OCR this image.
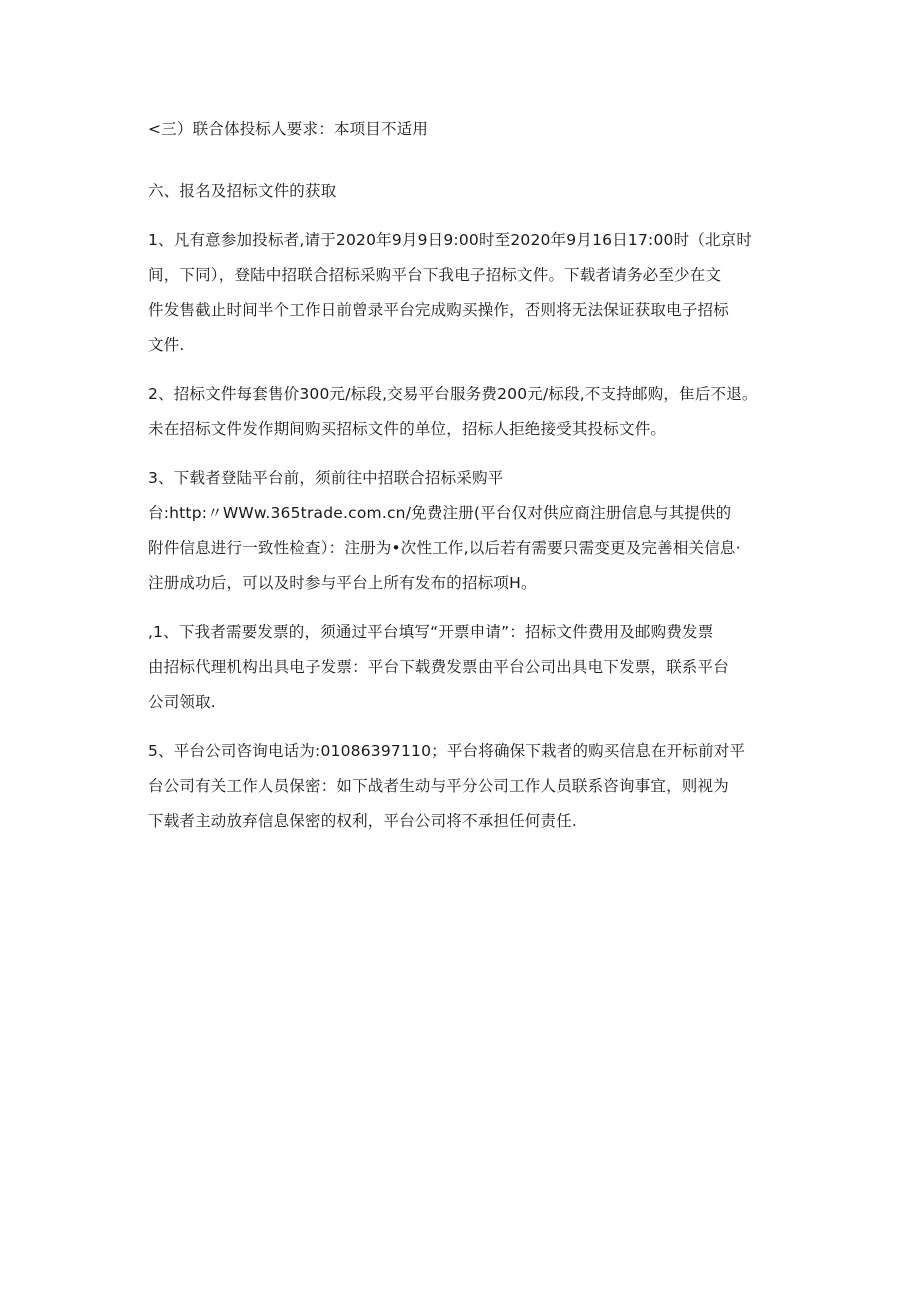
<三）联合体投标人要求：本项目不适用

六、报名及招标文件的获取

1、凡有意参加投标者,请于2020年9月9日9:00时至2020年9月16日17:00时（北京时
间，下同），登陆中招联合招标采购平台下我电子招标文件。下载者请务必至少在文
件发售截止时间半个工作日前曾录平台完成购买操作，否则将无法保证获取电子招标
文件.

2、招标文件每套售价300元/标段,交易平台服务费200元/标段,不支持邮购，隹后不退。
未在招标文件发作期间购买招标文件的单位，招标人拒绝接受其投标文件。

3、下载者登陆平台前，须前往中招联合招标采购平
台:http:〃WWw.365trade.com.cn/免费注册(平台仅对供应商注册信息与其提供的
附件信息进行一致性检查）：注册为•次性工作,以后若有需要只需变更及完善相关信息·
注册成功后，可以及时参与平台上所有发布的招标项H。

,1、下我者需要发票的，须通过平台填写“开票申请”：招标文件费用及邮购费发票
由招标代理机构出具电子发票：平台下载费发票由平台公司出具电下发票，联系平台
公司领取.

5、平台公司咨询电话为:01086397110；平台将确保下栽者的购买信息在开标前对平
台公司有关工作人员保密：如下战者生动与平分公司工作人员联系咨询事宜，则视为
下载者主动放弃信息保密的权利，平台公司将不承担任何责任.
